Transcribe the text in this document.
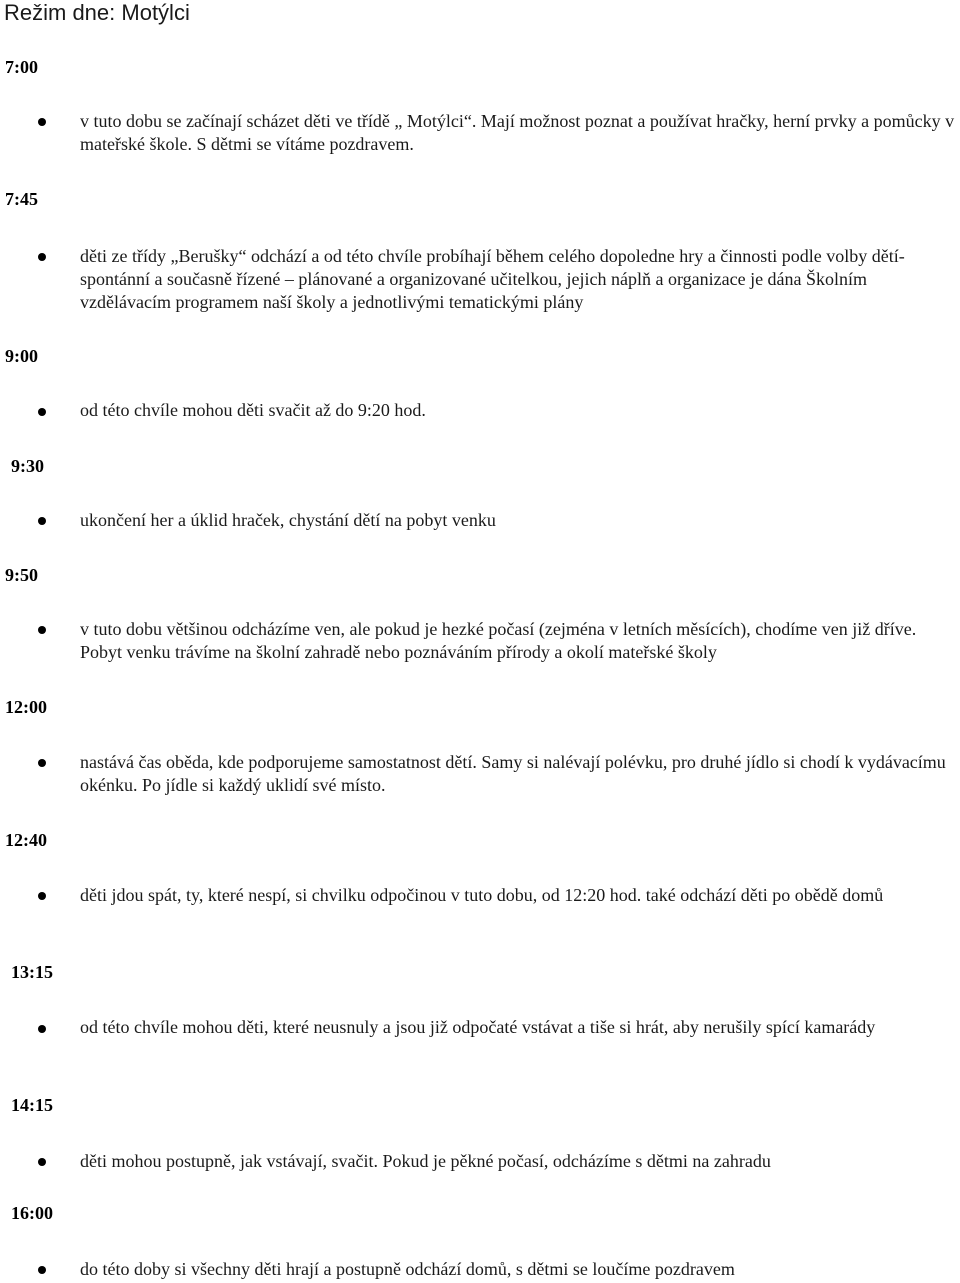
Režim dne: Motýlci

7:00

v tuto dobu se začínají scházet děti ve třídě „ Motýlci“. Mají možnost poznat a používat hračky, herní prvky a pomůcky v mateřské škole. S dětmi se vítáme pozdravem.

7:45

děti ze třídy „Berušky“ odchází a od této chvíle probíhají během celého dopoledne hry a činnosti podle volby dětí- spontánní a současně řízené – plánované a organizované učitelkou, jejich náplň a organizace je dána Školním vzdělávacím programem naší školy a jednotlivými tematickými plány

9:00

od této chvíle mohou děti svačit až do 9:20 hod.

9:30

ukončení her a úklid hraček, chystání dětí na pobyt venku

9:50

v tuto dobu většinou odcházíme ven, ale pokud je hezké počasí (zejména v letních měsících), chodíme ven již dříve. Pobyt venku trávíme na školní zahradě nebo poznáváním přírody a okolí mateřské školy

12:00

nastává čas oběda, kde podporujeme samostatnost dětí. Samy si nalévají polévku, pro druhé jídlo si chodí k vydávacímu okénku. Po jídle si každý uklidí své místo.

12:40

děti jdou spát, ty, které nespí, si chvilku odpočinou v tuto dobu, od 12:20 hod. také odchází děti po obědě domů

13:15

od této chvíle mohou děti, které neusnuly a jsou již odpočaté vstávat a tiše si hrát, aby nerušily spící kamarády

14:15

děti mohou postupně, jak vstávají, svačit. Pokud je pěkné počasí, odcházíme s dětmi na zahradu

16:00

do této doby si všechny děti hrají a postupně odchází domů, s dětmi se loučíme pozdravem
